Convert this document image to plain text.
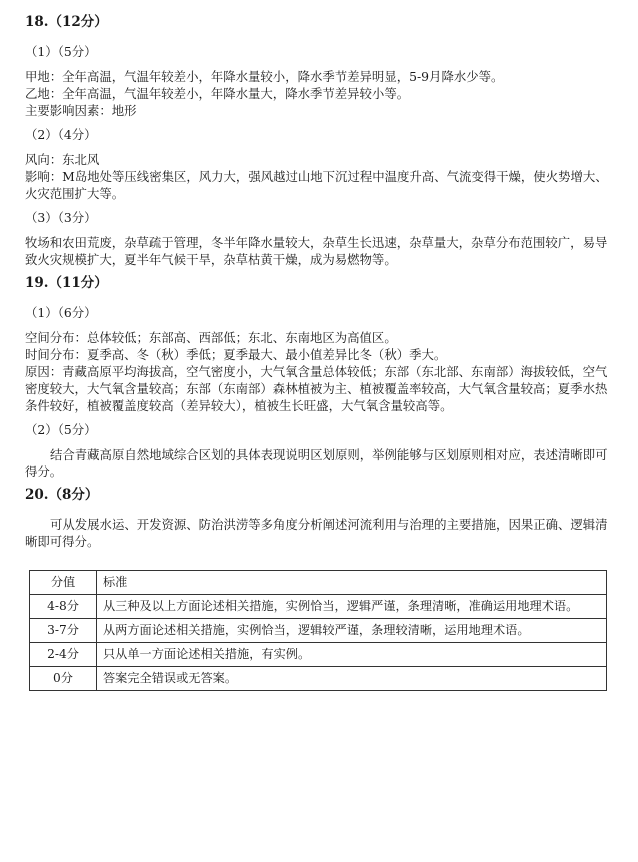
18.（12分）
（1）（5分）

甲地：全年高温，气温年较差小，年降水量较小，降水季节差异明显，5-9月降水少等。

乙地：全年高温，气温年较差小，年降水量大，降水季节差异较小等。

主要影响因素：地形

（2）（4分）

风向：东北风

影响：M岛地处等压线密集区，风力大，强风越过山地下沉过程中温度升高、气流变得干燥，使火势增大、火灾范围扩大等。

（3）（3分）

牧场和农田荒废，杂草疏于管理，冬半年降水量较大，杂草生长迅速，杂草量大，杂草分布范围较广，易导致火灾规模扩大，夏半年气候干旱，杂草枯黄干燥，成为易燃物等。

19.（11分）
（1）（6分）

空间分布：总体较低；东部高、西部低；东北、东南地区为高值区。

时间分布：夏季高、冬（秋）季低；夏季最大、最小值差异比冬（秋）季大。

原因：青藏高原平均海拔高，空气密度小，大气氧含量总体较低；东部（东北部、东南部）海拔较低，空气密度较大，大气氧含量较高；东部（东南部）森林植被为主、植被覆盖率较高，大气氧含量较高；夏季水热条件较好，植被覆盖度较高（差异较大），植被生长旺盛，大气氧含量较高等。

（2）（5分）

结合青藏高原自然地域综合区划的具体表现说明区划原则，举例能够与区划原则相对应，表述清晰即可得分。

20.（8分）

可从发展水运、开发资源、防治洪涝等多角度分析阐述河流利用与治理的主要措施，因果正确、逻辑清晰即可得分。

分值	标准
4-8分	从三种及以上方面论述相关措施，实例恰当，逻辑严谨，条理清晰，准确运用地理术语。
3-7分	从两方面论述相关措施，实例恰当，逻辑较严谨，条理较清晰，运用地理术语。
2-4分	只从单一方面论述相关措施，有实例。
0分	答案完全错误或无答案。
